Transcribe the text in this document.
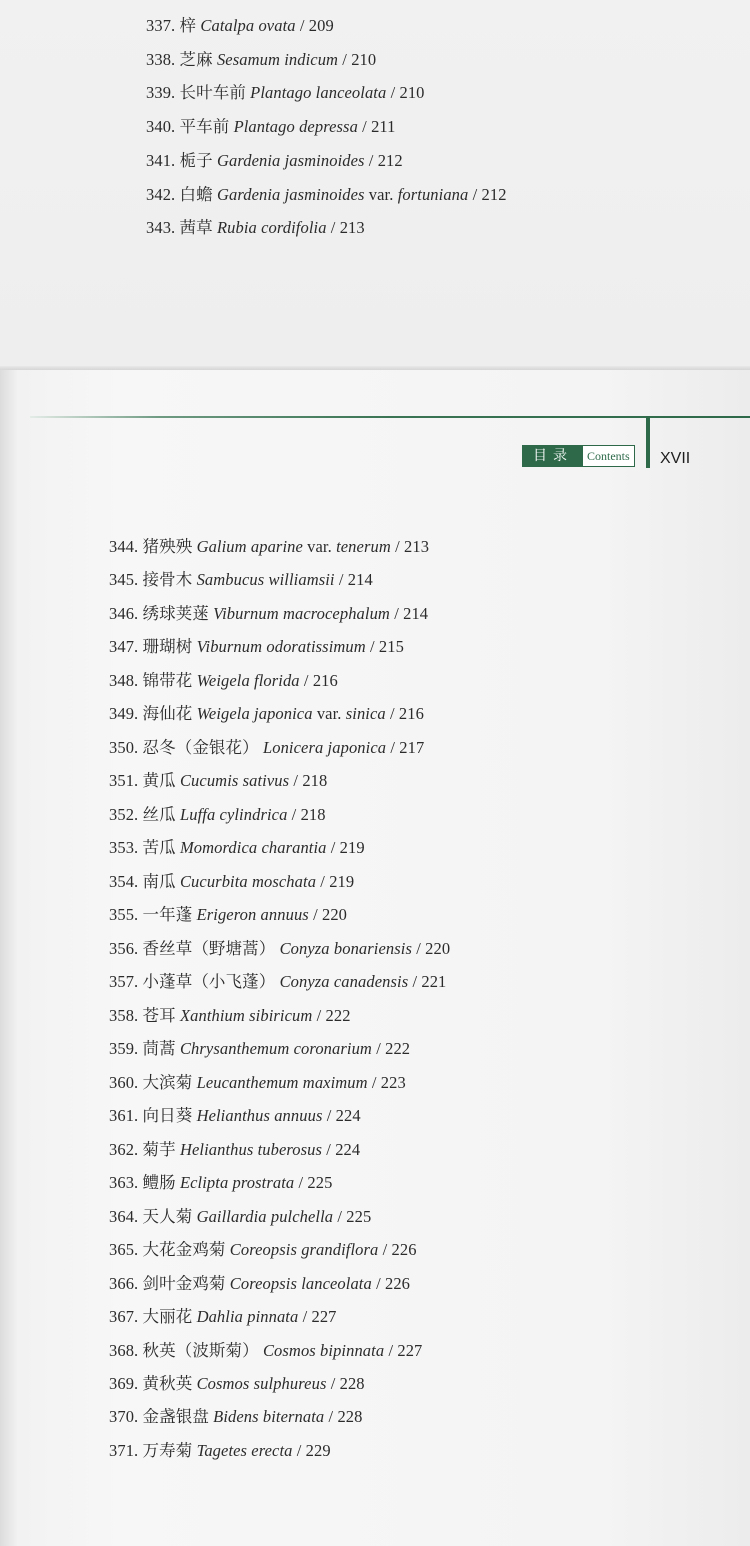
337. 梓 Catalpa ovata / 209
338. 芝麻 Sesamum indicum / 210
339. 长叶车前 Plantago lanceolata / 210
340. 平车前 Plantago depressa / 211
341. 栀子 Gardenia jasminoides / 212
342. 白蟾 Gardenia jasminoides var. fortuniana / 212
343. 茜草 Rubia cordifolia / 213
目录	Contents XVII
344. 猪殃殃 Galium aparine var. tenerum / 213
345. 接骨木 Sambucus williamsii / 214
346. 绣球荚蒾 Viburnum macrocephalum / 214
347. 珊瑚树 Viburnum odoratissimum / 215
348. 锦带花 Weigela florida / 216
349. 海仙花 Weigela japonica var. sinica / 216
350. 忍冬（金银花） Lonicera japonica / 217
351. 黄瓜 Cucumis sativus / 218
352. 丝瓜 Luffa cylindrica / 218
353. 苦瓜 Momordica charantia / 219
354. 南瓜 Cucurbita moschata / 219
355. 一年蓬 Erigeron annuus / 220
356. 香丝草（野塘蒿） Conyza bonariensis / 220
357. 小蓬草（小飞蓬） Conyza canadensis / 221
358. 苍耳 Xanthium sibiricum / 222
359. 茼蒿 Chrysanthemum coronarium / 222
360. 大滨菊 Leucanthemum maximum / 223
361. 向日葵 Helianthus annuus / 224
362. 菊芋 Helianthus tuberosus / 224
363. 鳢肠 Eclipta prostrata / 225
364. 天人菊 Gaillardia pulchella / 225
365. 大花金鸡菊 Coreopsis grandiflora / 226
366. 剑叶金鸡菊 Coreopsis lanceolata / 226
367. 大丽花 Dahlia pinnata / 227
368. 秋英（波斯菊） Cosmos bipinnata / 227
369. 黄秋英 Cosmos sulphureus / 228
370. 金盏银盘 Bidens biternata / 228
371. 万寿菊 Tagetes erecta / 229
